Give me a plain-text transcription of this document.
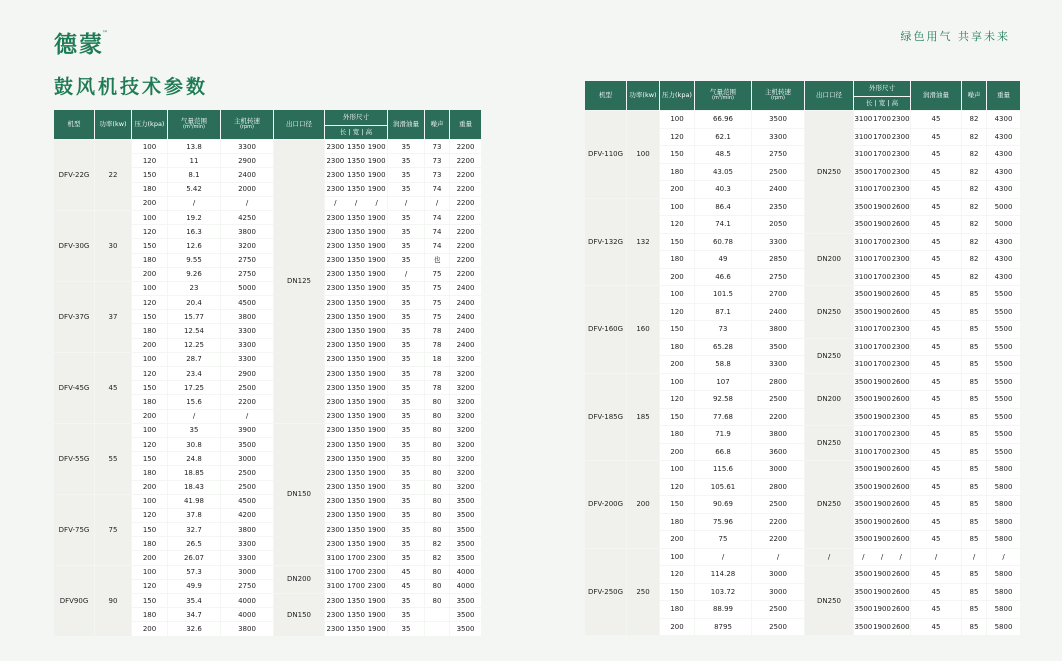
德蒙™	绿色用气 共享未来
鼓风机技术参数
机型	功率(kw)	压力(kpa)	气量范围
(m³/min)	主机转速
(rpm)	出口口径	外形尺寸	润滑油量	噪声	重量
						长 | 宽 | 高			
DFV-22G	22	100	13.8	3300	DN125	2300 1350 1900	35	73	2200
		120	11	2900		2300 1350 1900	35	73	2200
		150	8.1	2400		2300 1350 1900	35	73	2200
		180	5.42	2000		2300 1350 1900	35	74	2200
		200	/	/		/ / /	/	/	2200
DFV-30G	30	100	19.2	4250		2300 1350 1900	35	74	2200
		120	16.3	3800		2300 1350 1900	35	74	2200
		150	12.6	3200		2300 1350 1900	35	74	2200
		180	9.55	2750		2300 1350 1900	35	也	2200
		200	9.26	2750		2300 1350 1900	/	75	2200
DFV-37G	37	100	23	5000		2300 1350 1900	35	75	2400
		120	20.4	4500		2300 1350 1900	35	75	2400
		150	15.77	3800		2300 1350 1900	35	75	2400
		180	12.54	3300		2300 1350 1900	35	78	2400
		200	12.25	3300		2300 1350 1900	35	78	2400
DFV-45G	45	100	28.7	3300		2300 1350 1900	35	18	3200
		120	23.4	2900		2300 1350 1900	35	78	3200
		150	17.25	2500		2300 1350 1900	35	78	3200
		180	15.6	2200		2300 1350 1900	35	80	3200
		200	/	/		2300 1350 1900	35	80	3200
DFV-55G	55	100	35	3900	DN150	2300 1350 1900	35	80	3200
		120	30.8	3500		2300 1350 1900	35	80	3200
		150	24.8	3000		2300 1350 1900	35	80	3200
		180	18.85	2500		2300 1350 1900	35	80	3200
		200	18.43	2500		2300 1350 1900	35	80	3200
DFV-75G	75	100	41.98	4500		2300 1350 1900	35	80	3500
		120	37.8	4200		2300 1350 1900	35	80	3500
		150	32.7	3800		2300 1350 1900	35	80	3500
		180	26.5	3300		2300 1350 1900	35	82	3500
		200	26.07	3300		3100 1700 2300	35	82	3500
DFV90G	90	100	57.3	3000	DN200	3100 1700 2300	45	80	4000
		120	49.9	2750		3100 1700 2300	45	80	4000
		150	35.4	4000	DN150	2300 1350 1900	35	80	3500
		180	34.7	4000		2300 1350 1900	35		3500
		200	32.6	3800		2300 1350 1900	35		3500
机型	功率(kw)	压力(kpa)	气量范围
(m³/min)	主机转速
(rpm)	出口口径	外形尺寸	润滑油量	噪声	重量
						长 | 宽 | 高			
DFV-110G	100	100	66.96	3500	DN250	310017002300	45	82	4300
		120	62.1	3300		310017002300	45	82	4300
		150	48.5	2750		310017002300	45	82	4300
		180	43.05	2500		350017002300	45	82	4300
		200	40.3	2400		310017002300	45	82	4300
DFV-132G	132	100	86.4	2350		350019002600	45	82	5000
		120	74.1	2050		350019002600	45	82	5000
		150	60.78	3300	DN200	310017002300	45	82	4300
		180	49	2850		310017002300	45	82	4300
		200	46.6	2750		310017002300	45	82	4300
DFV-160G	160	100	101.5	2700	DN250	350019002600	45	85	5500
		120	87.1	2400		350019002600	45	85	5500
		150	73	3800		310017002300	45	85	5500
		180	65.28	3500	DN250	310017002300	45	85	5500
		200	58.8	3300		310017002300	45	85	5500
DFV-185G	185	100	107	2800	DN200	350019002600	45	85	5500
		120	92.58	2500		350019002600	45	85	5500
		150	77.68	2200		350019002300	45	85	5500
		180	71.9	3800	DN250	310017002300	45	85	5500
		200	66.8	3600		310017002300	45	85	5500
DFV-200G	200	100	115.6	3000	DN250	350019002600	45	85	5800
		120	105.61	2800		350019002600	45	85	5800
		150	90.69	2500		350019002600	45	85	5800
		180	75.96	2200		350019002600	45	85	5800
		200	75	2200		350019002600	45	85	5800
DFV-250G	250	100	/	/	/	/ / /	/	/	/
		120	114.28	3000	DN250	350019002600	45	85	5800
		150	103.72	3000		350019002600	45	85	5800
		180	88.99	2500		350019002600	45	85	5800
		200	8795	2500		350019002600	45	85	5800
